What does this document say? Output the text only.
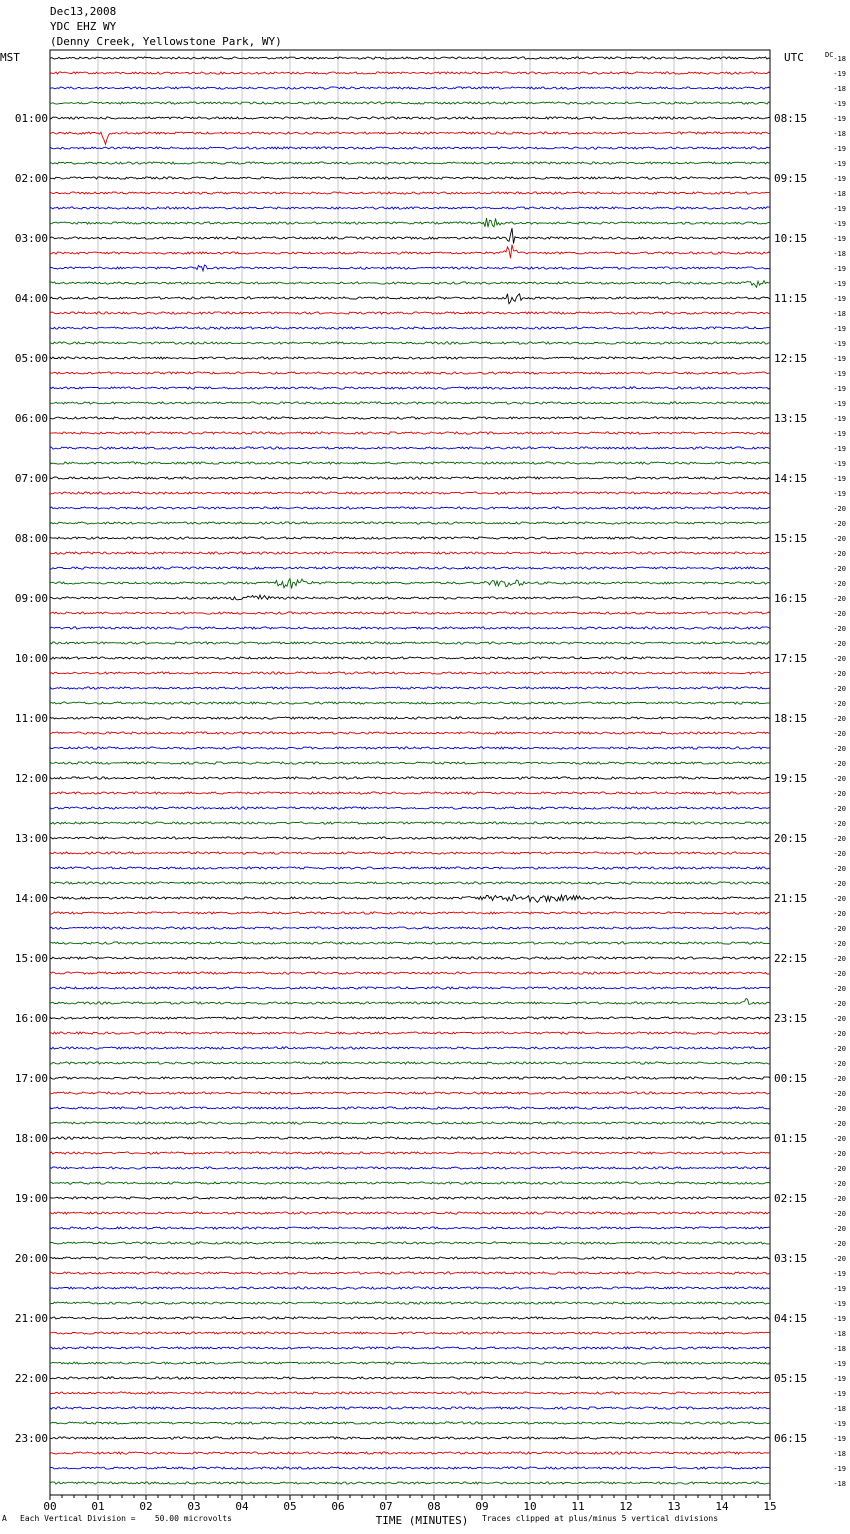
Dec13,2008
YDC EHZ WY
(Denny Creek, Yellowstone Park, WY)
00	01	02	03	04	05	06	07	08	09	10	11	12	13	14	15
TIME (MINUTES)
MST	UTC	DC -18
-19
-18
-19
-19
01:00	08:15
-18
-19
-19
-19
02:00	09:15
-18
-19
-19
-19
03:00	10:15
-18
-19
-19
-19
04:00	11:15
-18
-19
-19
-19
05:00	12:15
-19
-19
-19
-19
06:00	13:15
-19
-19
-19
-19
07:00	14:15
-19
-20
-20
-20
08:00	15:15
-20
-20
-20
-20
09:00	16:15
-20
-20
-20
-20
10:00	17:15
-20
-20
-20
-20
11:00	18:15
-20
-20
-20
-20
12:00	19:15
-20
-20
-20
-20
13:00	20:15
-20
-20
-20
-20
14:00	21:15
-20
-20
-20
-20
15:00	22:15
-20
-20
-20
-20
16:00	23:15
-20
-20
-20
-20
17:00	00:15
-20
-20
-20
-20
18:00	01:15
-20
-20
-20
-20
19:00	02:15
-20
-20
-20
-20
20:00	03:15
-19
-19
-19
-19
21:00	04:15
-18
-18
-19
-19
22:00	05:15
-19
-18
-19
-19
23:00	06:15
-18
-19
-18
A Each Vertical Division =    50.00 microvolts	Traces clipped at plus/minus 5 vertical divisions
